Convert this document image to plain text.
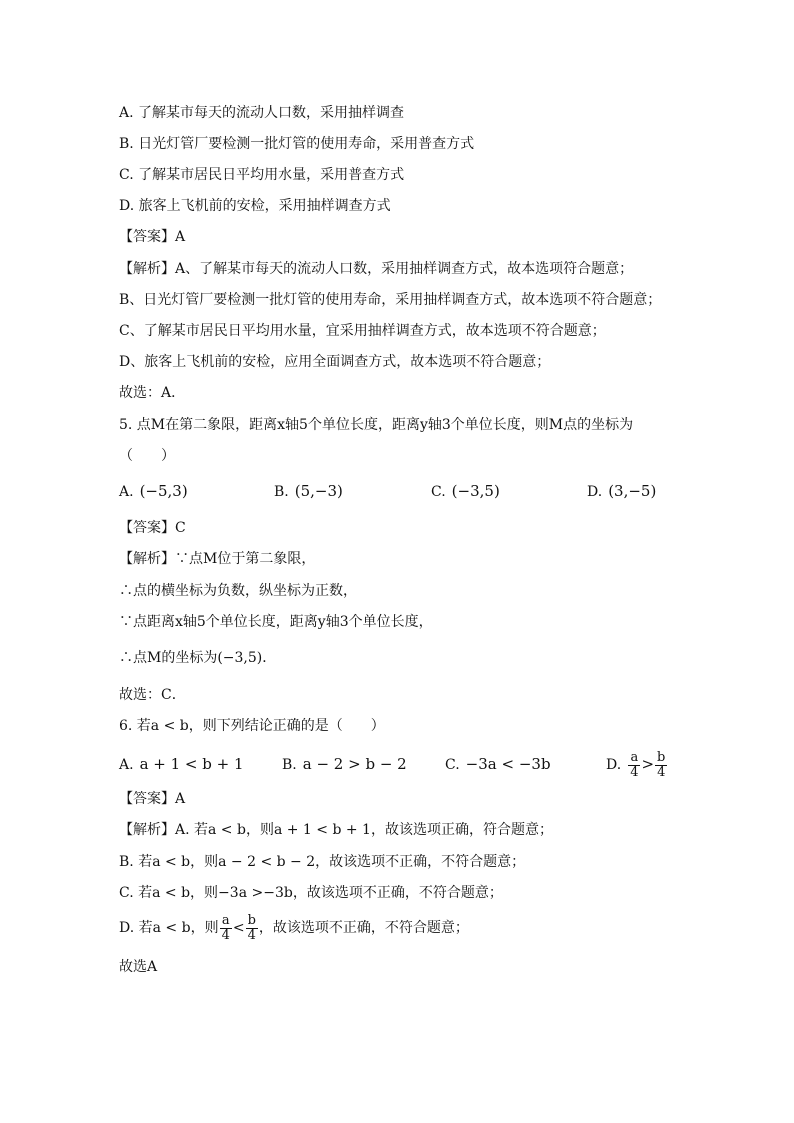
A. 了解某市每天的流动人口数，采用抽样调查
B. 日光灯管厂要检测一批灯管的使用寿命，采用普查方式
C. 了解某市居民日平均用水量，采用普查方式
D. 旅客上飞机前的安检，采用抽样调查方式
【答案】A
【解析】A、了解某市每天的流动人口数，采用抽样调查方式，故本选项符合题意；
B、日光灯管厂要检测一批灯管的使用寿命，采用抽样调查方式，故本选项不符合题意；
C、了解某市居民日平均用水量，宜采用抽样调查方式，故本选项不符合题意；
D、旅客上飞机前的安检，应用全面调查方式，故本选项不符合题意；
故选：A．
5. 点M在第二象限，距离x轴5个单位长度，距离y轴3个单位长度，则M点的坐标为
（　　）
A. (−5,3)	B. (5,−3)	C. (−3,5)	D. (3,−5)
【答案】C
【解析】∵点M位于第二象限，
∴点的横坐标为负数，纵坐标为正数，
∵点距离x轴5个单位长度，距离y轴3个单位长度，
∴点M的坐标为(−3,5)．
故选：C．
6. 若a < b，则下列结论正确的是（　　）
A. a + 1 < b + 1	B. a − 2 > b − 2	C. −3a < −3b	D. $\frac{a}{4} > \frac{b}{4}$
【答案】A
【解析】A. 若a < b，则a + 1 < b + 1，故该选项正确，符合题意；
B. 若a < b，则a − 2 < b − 2，故该选项不正确，不符合题意；
C. 若a < b，则−3a >−3b，故该选项不正确，不符合题意；
D. 若a < b，则 $\frac{a}{4} < \frac{b}{4}$ ，故该选项不正确，不符合题意；
故选A
